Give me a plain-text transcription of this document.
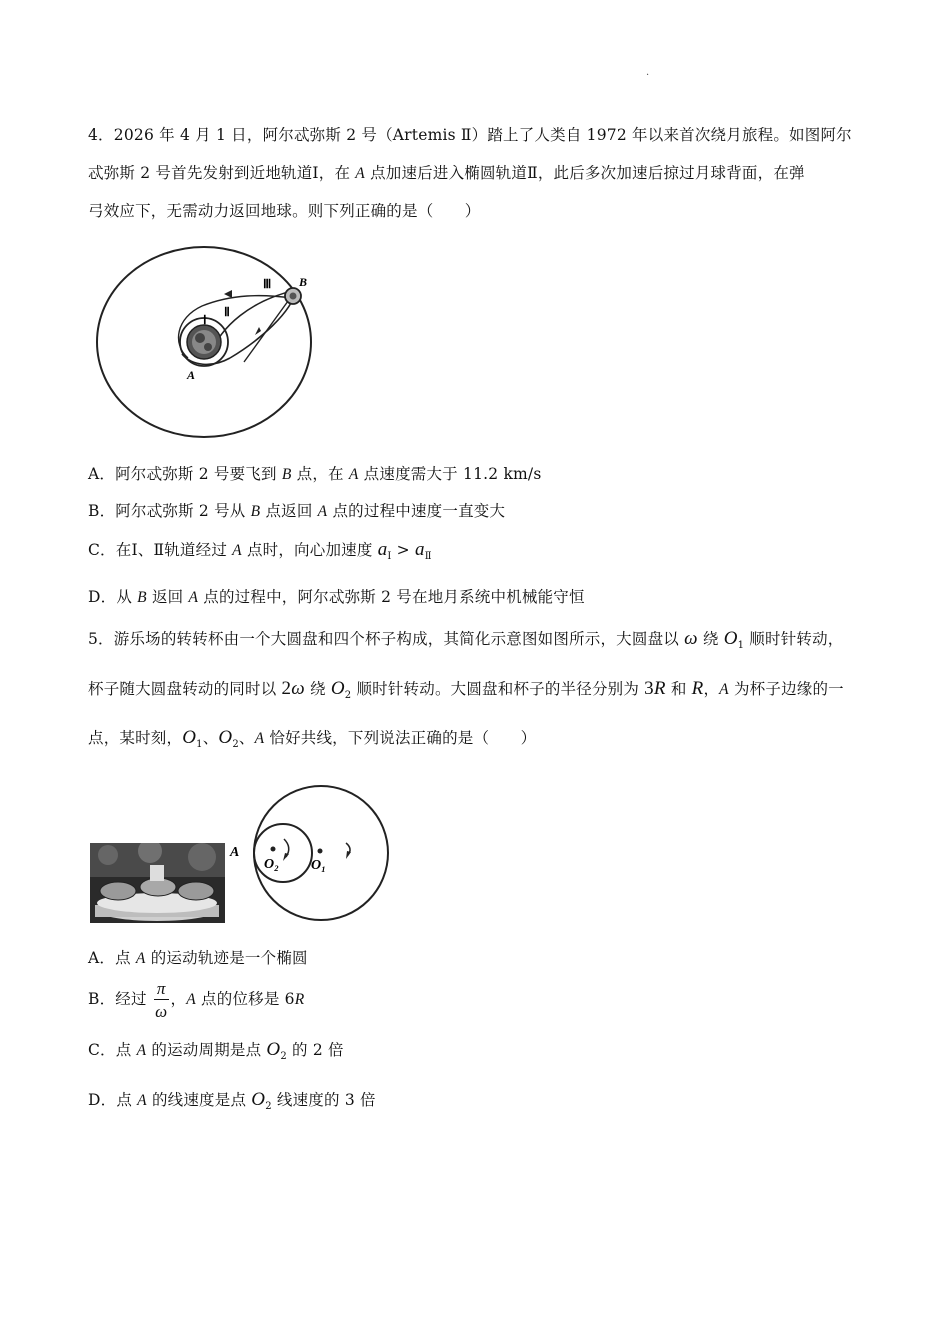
·
4．2026 年 4 月 1 日，阿尔忒弥斯 2 号（Artemis Ⅱ）踏上了人类自 1972 年以来首次绕月旅程。如图阿尔
忒弥斯 2 号首先发射到近地轨道Ⅰ，在 A 点加速后进入椭圆轨道Ⅱ，此后多次加速后掠过月球背面，在弹
弓效应下，无需动力返回地球。则下列正确的是（　　）
B
Ⅲ
Ⅱ
Ⅰ
A
A．阿尔忒弥斯 2 号要飞到 B 点，在 A 点速度需大于 11.2 km/s
B．阿尔忒弥斯 2 号从 B 点返回 A 点的过程中速度一直变大
C．在Ⅰ、Ⅱ轨道经过 A 点时，向心加速度 $a_Ⅰ > a_Ⅱ$
D．从 B 返回 A 点的过程中，阿尔忒弥斯 2 号在地月系统中机械能守恒
5．游乐场的转转杯由一个大圆盘和四个杯子构成，其简化示意图如图所示，大圆盘以 ω 绕 $O_1$ 顺时针转动，
杯子随大圆盘转动的同时以 2ω 绕 $O_2$ 顺时针转动。大圆盘和杯子的半径分别为 3R 和 R，A 为杯子边缘的一
点，某时刻，$O_1$、$O_2$、A 恰好共线，下列说法正确的是（　　）
A
O₂ O₁
A．点 A 的运动轨迹是一个椭圆
B．经过 $\frac{\pi}{\omega}$ ，A 点的位移是 6R
C．点 A 的运动周期是点 $O_2$ 的 2 倍
D．点 A 的线速度是点 $O_2$ 线速度的 3 倍
